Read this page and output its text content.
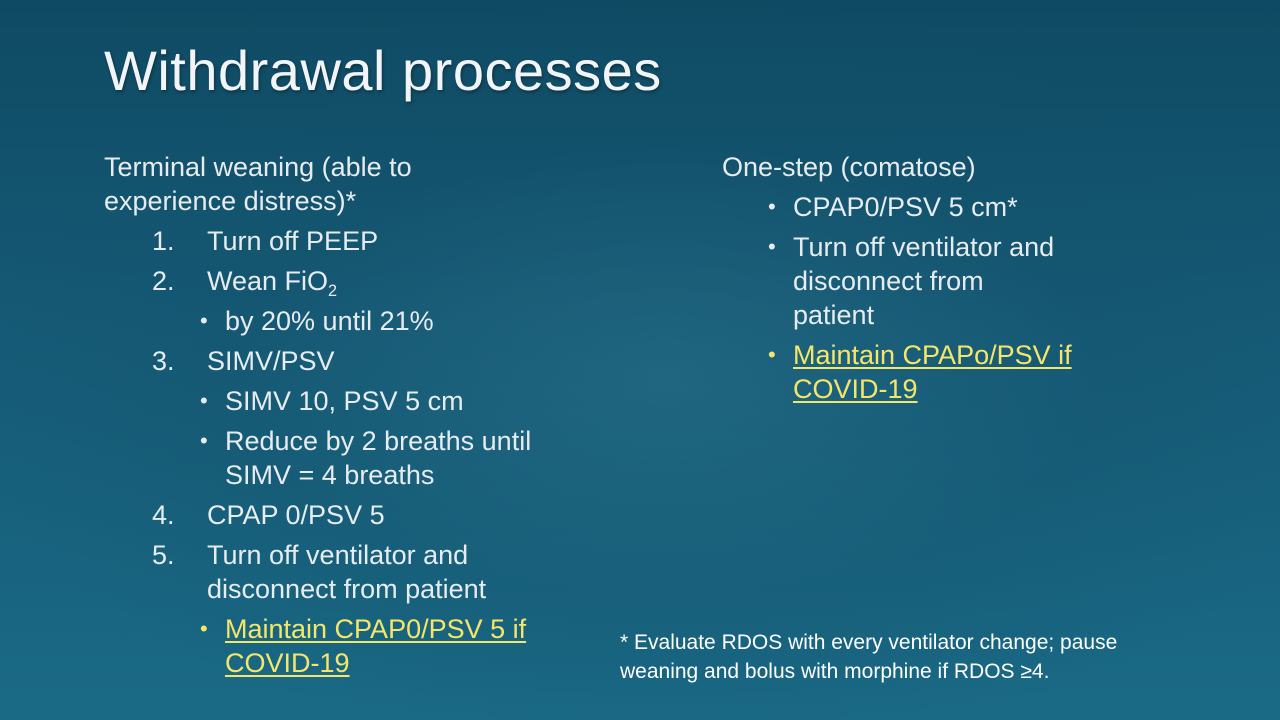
Withdrawal processes
Terminal weaning (able to
experience distress)*
1. Turn off PEEP
2. Wean FiO$_2$
• by 20% until 21%
3. SIMV/PSV
• SIMV 10, PSV 5 cm
• Reduce by 2 breaths until
SIMV = 4 breaths
4. CPAP 0/PSV 5
5. Turn off ventilator and
disconnect from patient
• Maintain CPAP0/PSV 5 if
COVID-19
One-step (comatose)
• CPAP0/PSV 5 cm*
• Turn off ventilator and
disconnect from
patient
• Maintain CPAPo/PSV if
COVID-19
* Evaluate RDOS with every ventilator change; pause
weaning and bolus with morphine if RDOS ≥4.
